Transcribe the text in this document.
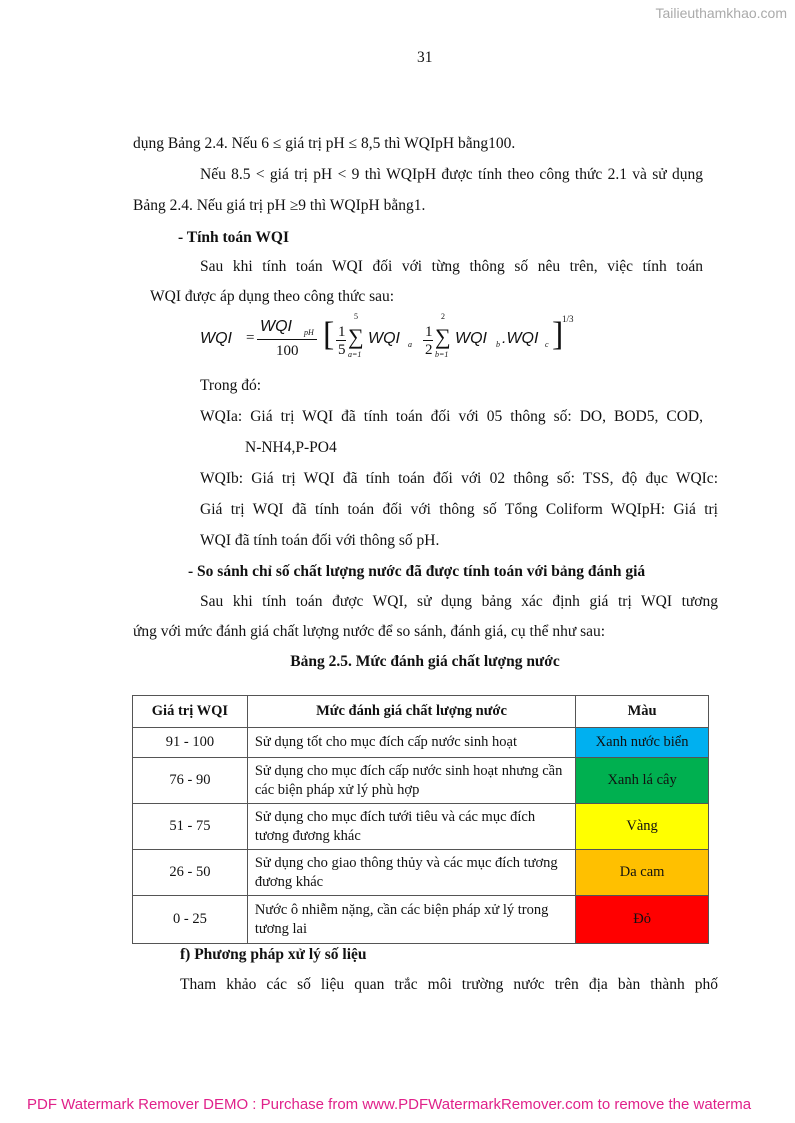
Tailieuthamkhao.com
31
dụng Bảng 2.4. Nếu 6 ≤ giá trị pH ≤ 8,5 thì WQIpH bằng100.
Nếu 8.5 < giá trị pH < 9 thì WQIpH được tính theo công thức 2.1 và sử dụng
Bảng 2.4. Nếu giá trị pH ≥9 thì WQIpH bằng1.
- Tính toán WQI
Sau khi tính toán WQI đối với từng thông số nêu trên, việc tính toán
WQI được áp dụng theo công thức sau:
WQI =
WQI pH
100 [ 1
5
5
∑
a=1
WQI a
1
2
2
∑
b=1
WQI b .WQI c ]
1/3
Trong đó:
WQIa: Giá trị WQI đã tính toán đối với 05 thông số: DO, BOD5, COD,
N-NH4,P-PO4
WQIb: Giá trị WQI đã tính toán đối với 02 thông số: TSS, độ đục WQIc:
Giá trị WQI đã tính toán đối với thông số Tổng Coliform WQIpH: Giá trị
WQI đã tính toán đối với thông số pH.
- So sánh chỉ số chất lượng nước đã được tính toán với bảng đánh giá
Sau khi tính toán được WQI, sử dụng bảng xác định giá trị WQI tương
ứng với mức đánh giá chất lượng nước để so sánh, đánh giá, cụ thể như sau:
Bảng 2.5. Mức đánh giá chất lượng nước
Giá trị WQI	Mức đánh giá chất lượng nước	Màu
91 - 100	Sử dụng tốt cho mục đích cấp nước sinh hoạt	Xanh nước biển
76 - 90	Sử dụng cho mục đích cấp nước sinh hoạt nhưng cần các biện pháp xử lý phù hợp	Xanh lá cây
51 - 75	Sử dụng cho mục đích tưới tiêu và các mục đích tương đương khác	Vàng
26 - 50	Sử dụng cho giao thông thủy và các mục đích tương đương khác	Da cam
0 - 25	Nước ô nhiễm nặng, cần các biện pháp xử lý trong tương lai	Đỏ
f) Phương pháp xử lý số liệu
Tham khảo các số liệu quan trắc môi trường nước trên địa bàn thành phố
PDF Watermark Remover DEMO : Purchase from www.PDFWatermarkRemover.com to remove the waterma
